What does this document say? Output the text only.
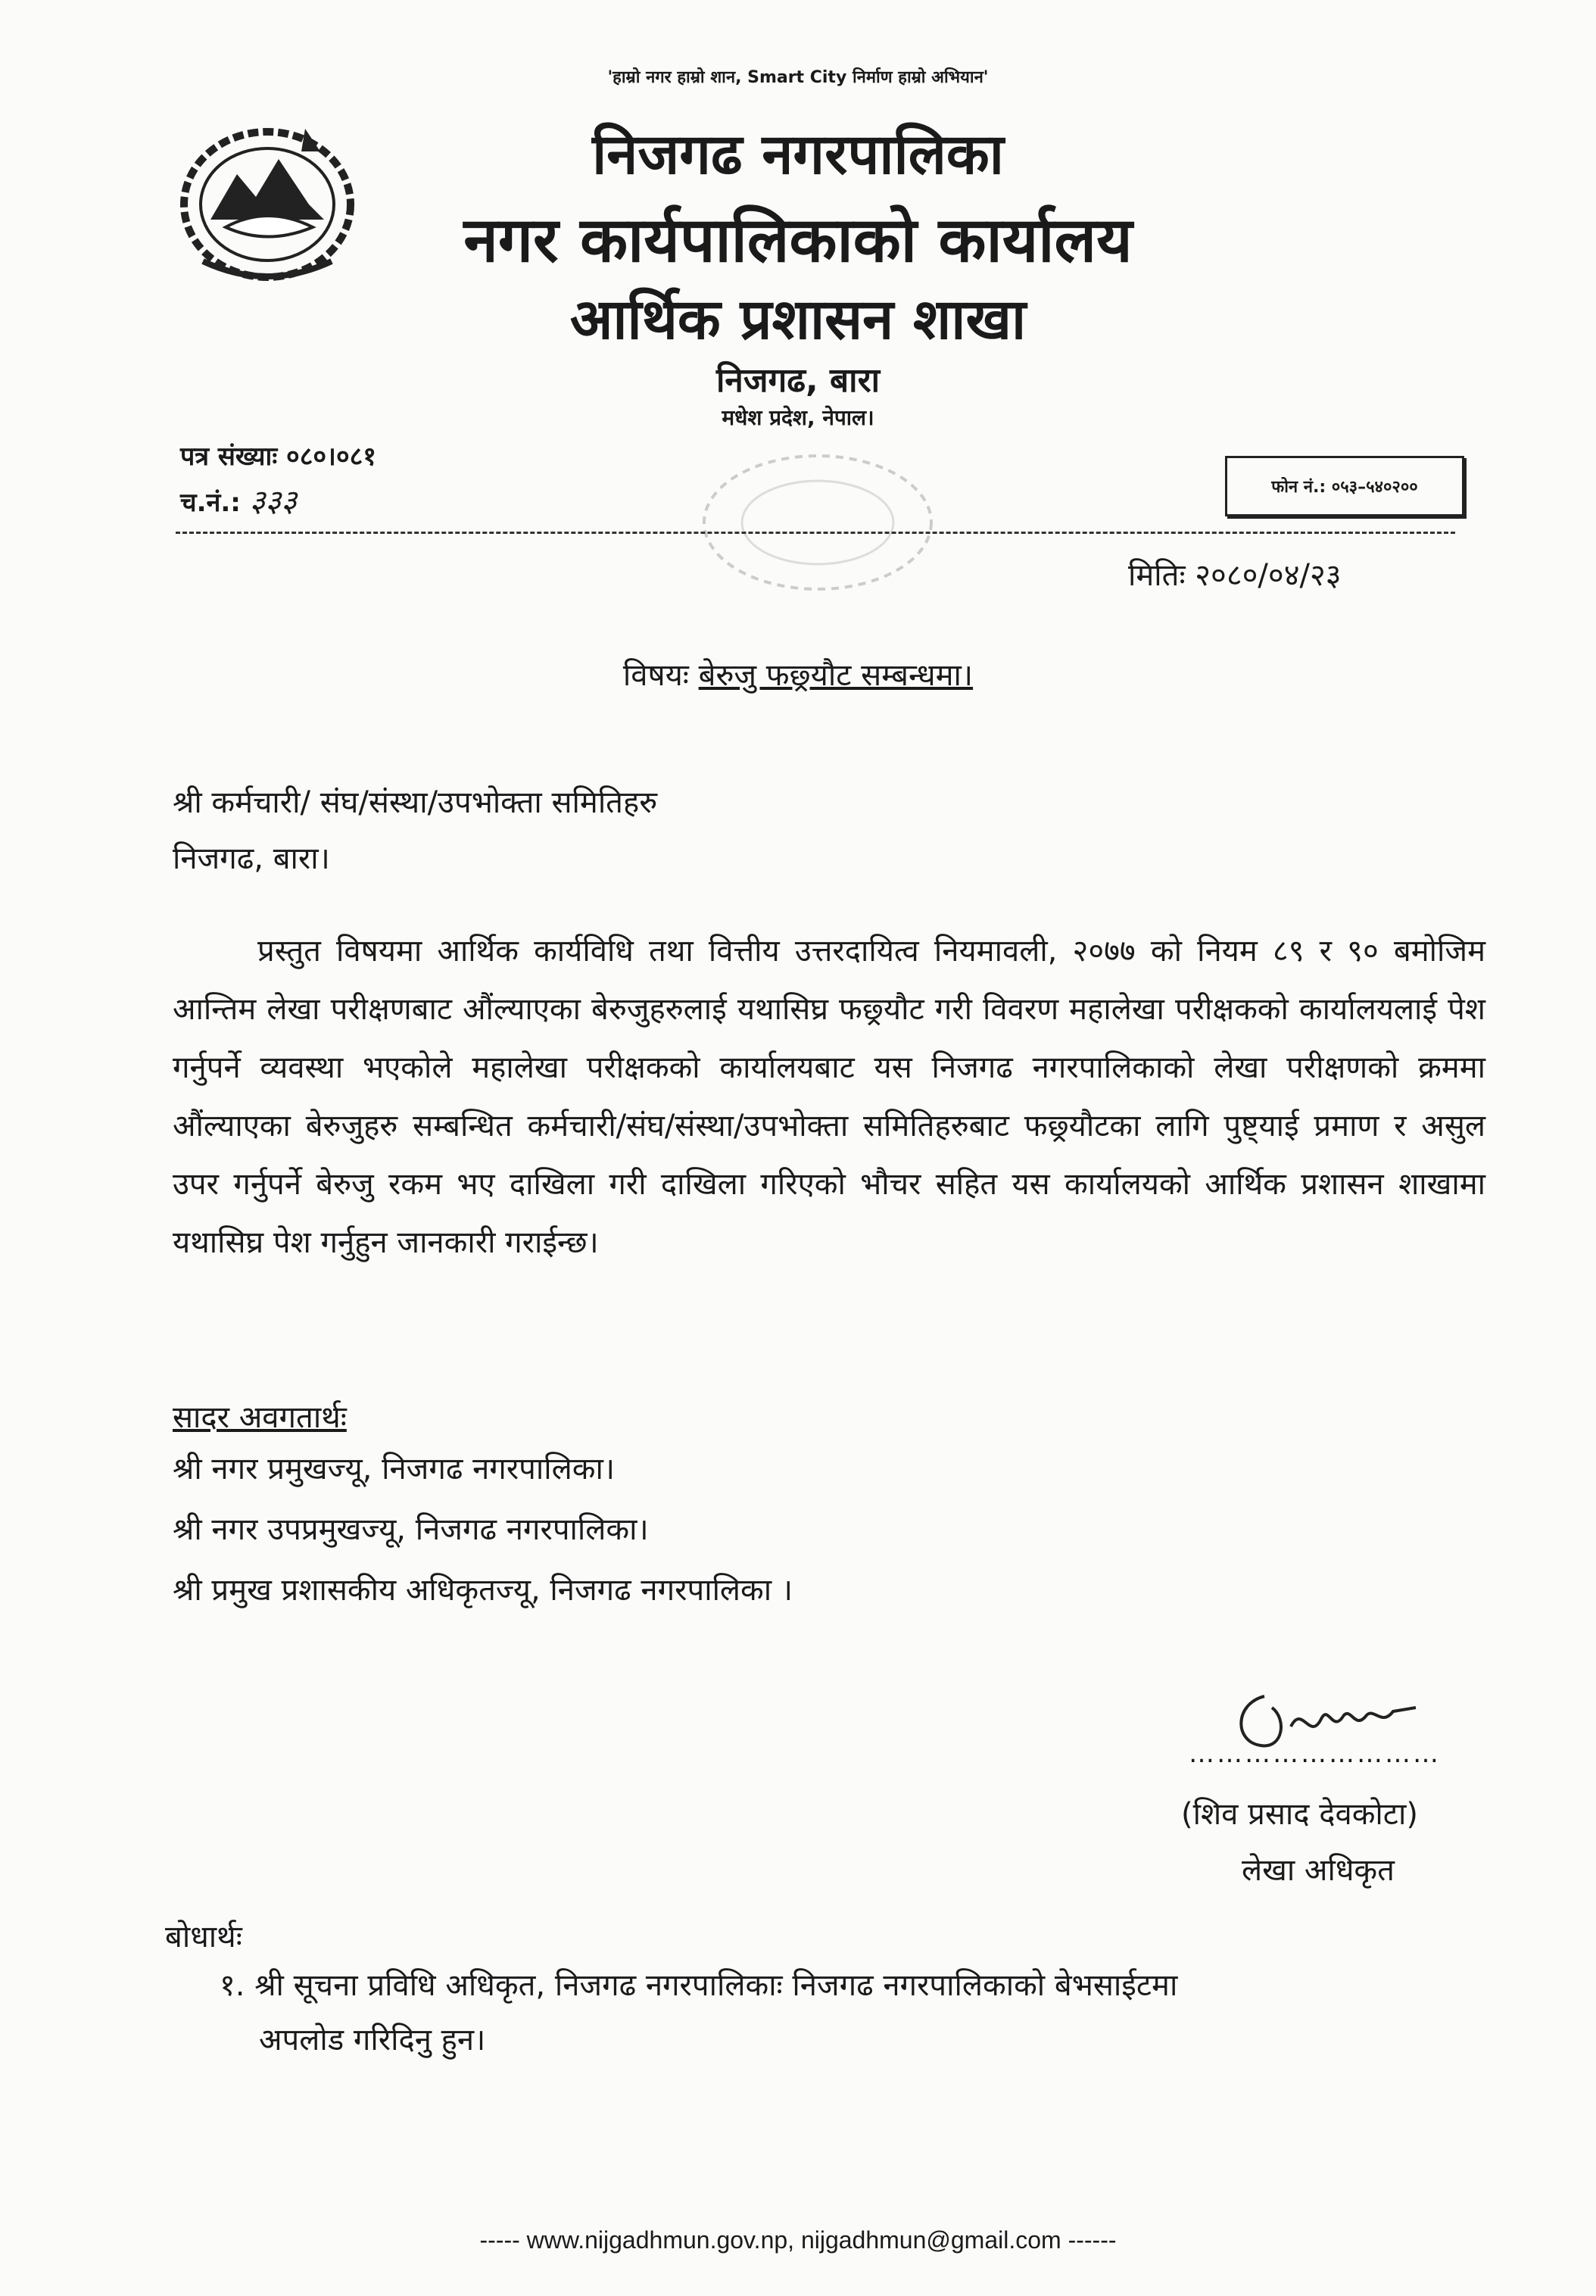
'हाम्रो नगर हाम्रो शान, Smart City निर्माण हाम्रो अभियान'
निजगढ नगरपालिका
नगर कार्यपालिकाको कार्यालय
आर्थिक प्रशासन शाखा
निजगढ, बारा
मधेश प्रदेश, नेपाल।
पत्र संख्याः ०८०।०८१
च.नं.: ३३३	फोन नं.: ०५३–५४०२००
मितिः २०८०/०४/२३
विषयः बेरुजु फछ्र्यौट सम्बन्धमा।
श्री कर्मचारी/ संघ/संस्था/उपभोक्ता समितिहरु
निजगढ, बारा।
प्रस्तुत विषयमा आर्थिक कार्यविधि तथा वित्तीय उत्तरदायित्व नियमावली, २०७७ को नियम ८९ र ९० बमोजिम आन्तिम लेखा परीक्षणबाट औंल्याएका बेरुजुहरुलाई यथासिघ्र फछ्र्यौट गरी विवरण महालेखा परीक्षकको कार्यालयलाई पेश गर्नुपर्ने व्यवस्था भएकोले महालेखा परीक्षकको कार्यालयबाट यस निजगढ नगरपालिकाको लेखा परीक्षणको क्रममा औंल्याएका बेरुजुहरु सम्बन्धित कर्मचारी/संघ/संस्था/उपभोक्ता समितिहरुबाट फछ्र्यौटका लागि पुष्ट्याई प्रमाण र असुल उपर गर्नुपर्ने बेरुजु रकम भए दाखिला गरी दाखिला गरिएको भौचर सहित यस कार्यालयको आर्थिक प्रशासन शाखामा यथासिघ्र पेश गर्नुहुन जानकारी गराईन्छ।
सादर अवगतार्थः
श्री नगर प्रमुखज्यू, निजगढ नगरपालिका।
श्री नगर उपप्रमुखज्यू, निजगढ नगरपालिका।
श्री प्रमुख प्रशासकीय अधिकृतज्यू, निजगढ नगरपालिका ।
………………………
(शिव प्रसाद देवकोटा)
लेखा अधिकृत
बोधार्थः
१. श्री सूचना प्रविधि अधिकृत, निजगढ नगरपालिकाः निजगढ नगरपालिकाको बेभसाईटमा
अपलोड गरिदिनु हुन।
----- www.nijgadhmun.gov.np, nijgadhmun@gmail.com ------
